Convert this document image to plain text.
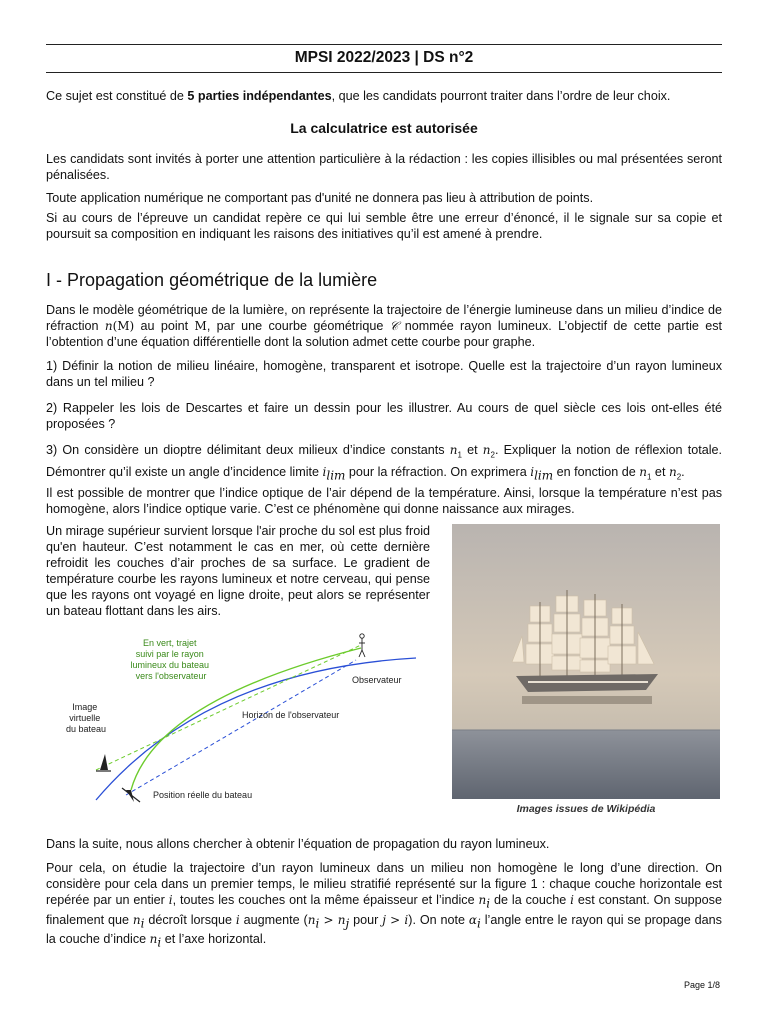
MPSI 2022/2023 | DS n°2

Ce sujet est constitué de 5 parties indépendantes, que les candidats pourront traiter dans l’ordre de leur choix.

La calculatrice est autorisée

Les candidats sont invités à porter une attention particulière à la rédaction : les copies illisibles ou mal présentées seront pénalisées.

Toute application numérique ne comportant pas d'unité ne donnera pas lieu à attribution de points.

Si au cours de l’épreuve un candidat repère ce qui lui semble être une erreur d’énoncé, il le signale sur sa copie et poursuit sa composition en indiquant les raisons des initiatives qu’il est amené à prendre.

I - Propagation géométrique de la lumière

Dans le modèle géométrique de la lumière, on représente la trajectoire de l’énergie lumineuse dans un milieu d’indice de réfraction n(M) au point M, par une courbe géométrique 𝒞 nommée rayon lumineux. L’objectif de cette partie est l’obtention d’une équation différentielle dont la solution admet cette courbe pour graphe.

1) Définir la notion de milieu linéaire, homogène, transparent et isotrope. Quelle est la trajectoire d’un rayon lumineux dans un tel milieu ?

2) Rappeler les lois de Descartes et faire un dessin pour les illustrer. Au cours de quel siècle ces lois ont-elles été proposées ?

3) On considère un dioptre délimitant deux milieux d’indice constants $n_1$ et $n_2$. Expliquer la notion de réflexion totale. Démontrer qu’il existe un angle d’incidence limite $i_{lim}$ pour la réfraction. On exprimera $i_{lim}$ en fonction de $n_1$ et $n_2$.

Il est possible de montrer que l’indice optique de l’air dépend de la température. Ainsi, lorsque la température n’est pas homogène, alors l’indice optique varie. C’est ce phénomène qui donne naissance aux mirages.

Un mirage supérieur survient lorsque l'air proche du sol est plus froid qu'en hauteur. C’est notamment le cas en mer, où cette dernière refroidit les couches d’air proches de sa surface. Le gradient de température courbe les rayons lumineux et notre cerveau, qui pense que les rayons ont voyagé en ligne droite, peut alors se représenter un bateau flottant dans les airs.

En vert, trajet suivi par le rayon lumineux du bateau vers l'observateur
Image virtuelle du bateau
Observateur
Horizon de l'observateur
Position réelle du bateau
Images issues de Wikipédia

Dans la suite, nous allons chercher à obtenir l’équation de propagation du rayon lumineux.

Pour cela, on étudie la trajectoire d’un rayon lumineux dans un milieu non homogène le long d’une direction. On considère pour cela dans un premier temps, le milieu stratifié représenté sur la figure 1 : chaque couche horizontale est repérée par un entier i, toutes les couches ont la même épaisseur et l’indice $n_i$ de la couche i est constant. On suppose finalement que $n_i$ décroît lorsque i augmente ($n_i > n_j$ pour j > i). On note $\alpha_i$ l’angle entre le rayon qui se propage dans la couche d’indice $n_i$ et l’axe horizontal.

Page 1/8
